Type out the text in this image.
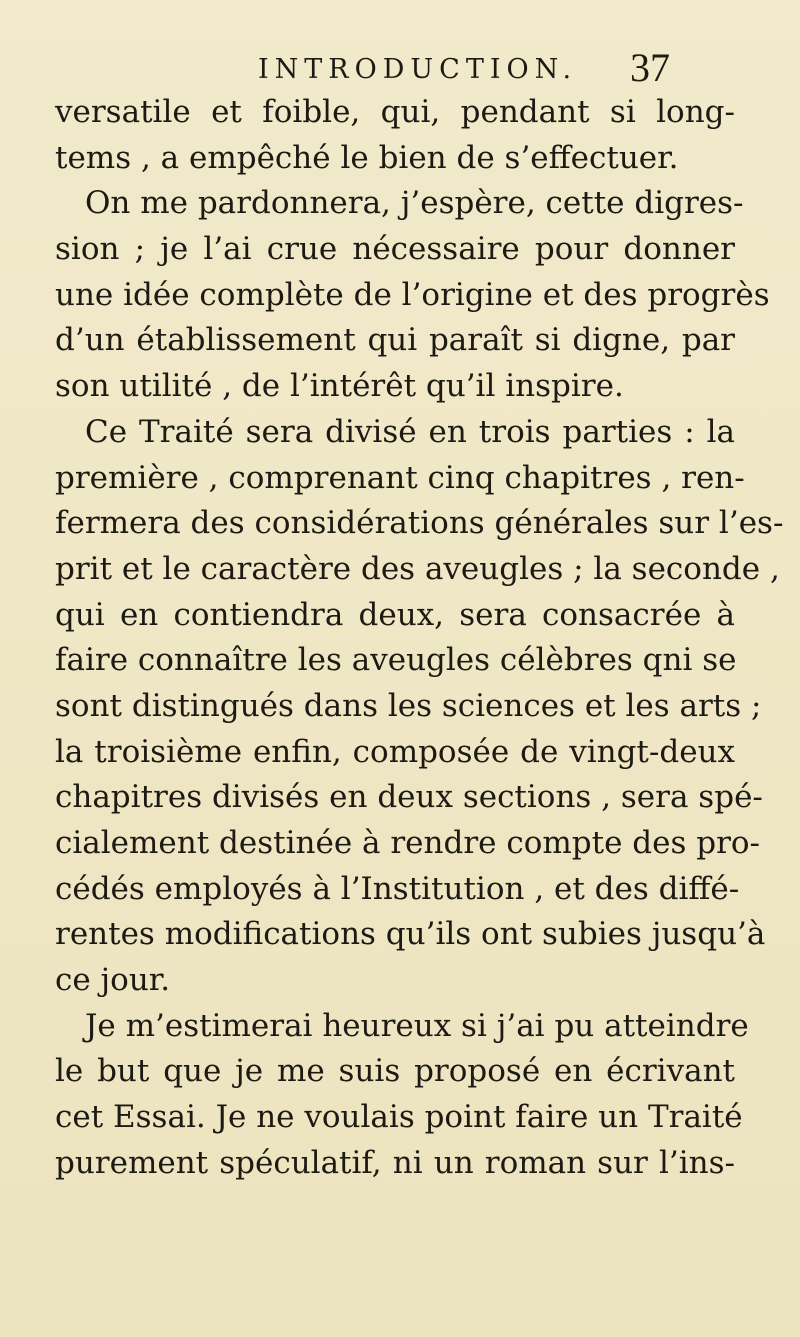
INTRODUCTION. 37
versatile et foible, qui, pendant si long-
tems , a empêché le bien de s’effectuer.
On me pardonnera, j’espère, cette digres-
sion ; je l’ai crue nécessaire pour donner
une idée complète de l’origine et des progrès
d’un établissement qui paraît si digne, par
son utilité , de l’intérêt qu’il inspire.
Ce Traité sera divisé en trois parties : la
première , comprenant cinq chapitres , ren-
fermera des considérations générales sur l’es-
prit et le caractère des aveugles ; la seconde ,
qui en contiendra deux, sera consacrée à
faire connaître les aveugles célèbres qni se
sont distingués dans les sciences et les arts ;
la troisième enfin, composée de vingt-deux
chapitres divisés en deux sections , sera spé-
cialement destinée à rendre compte des pro-
cédés employés à l’Institution , et des diffé-
rentes modifications qu’ils ont subies jusqu’à
ce jour.
Je m’estimerai heureux si j’ai pu atteindre
le but que je me suis proposé en écrivant
cet Essai. Je ne voulais point faire un Traité
purement spéculatif, ni un roman sur l’ins-
